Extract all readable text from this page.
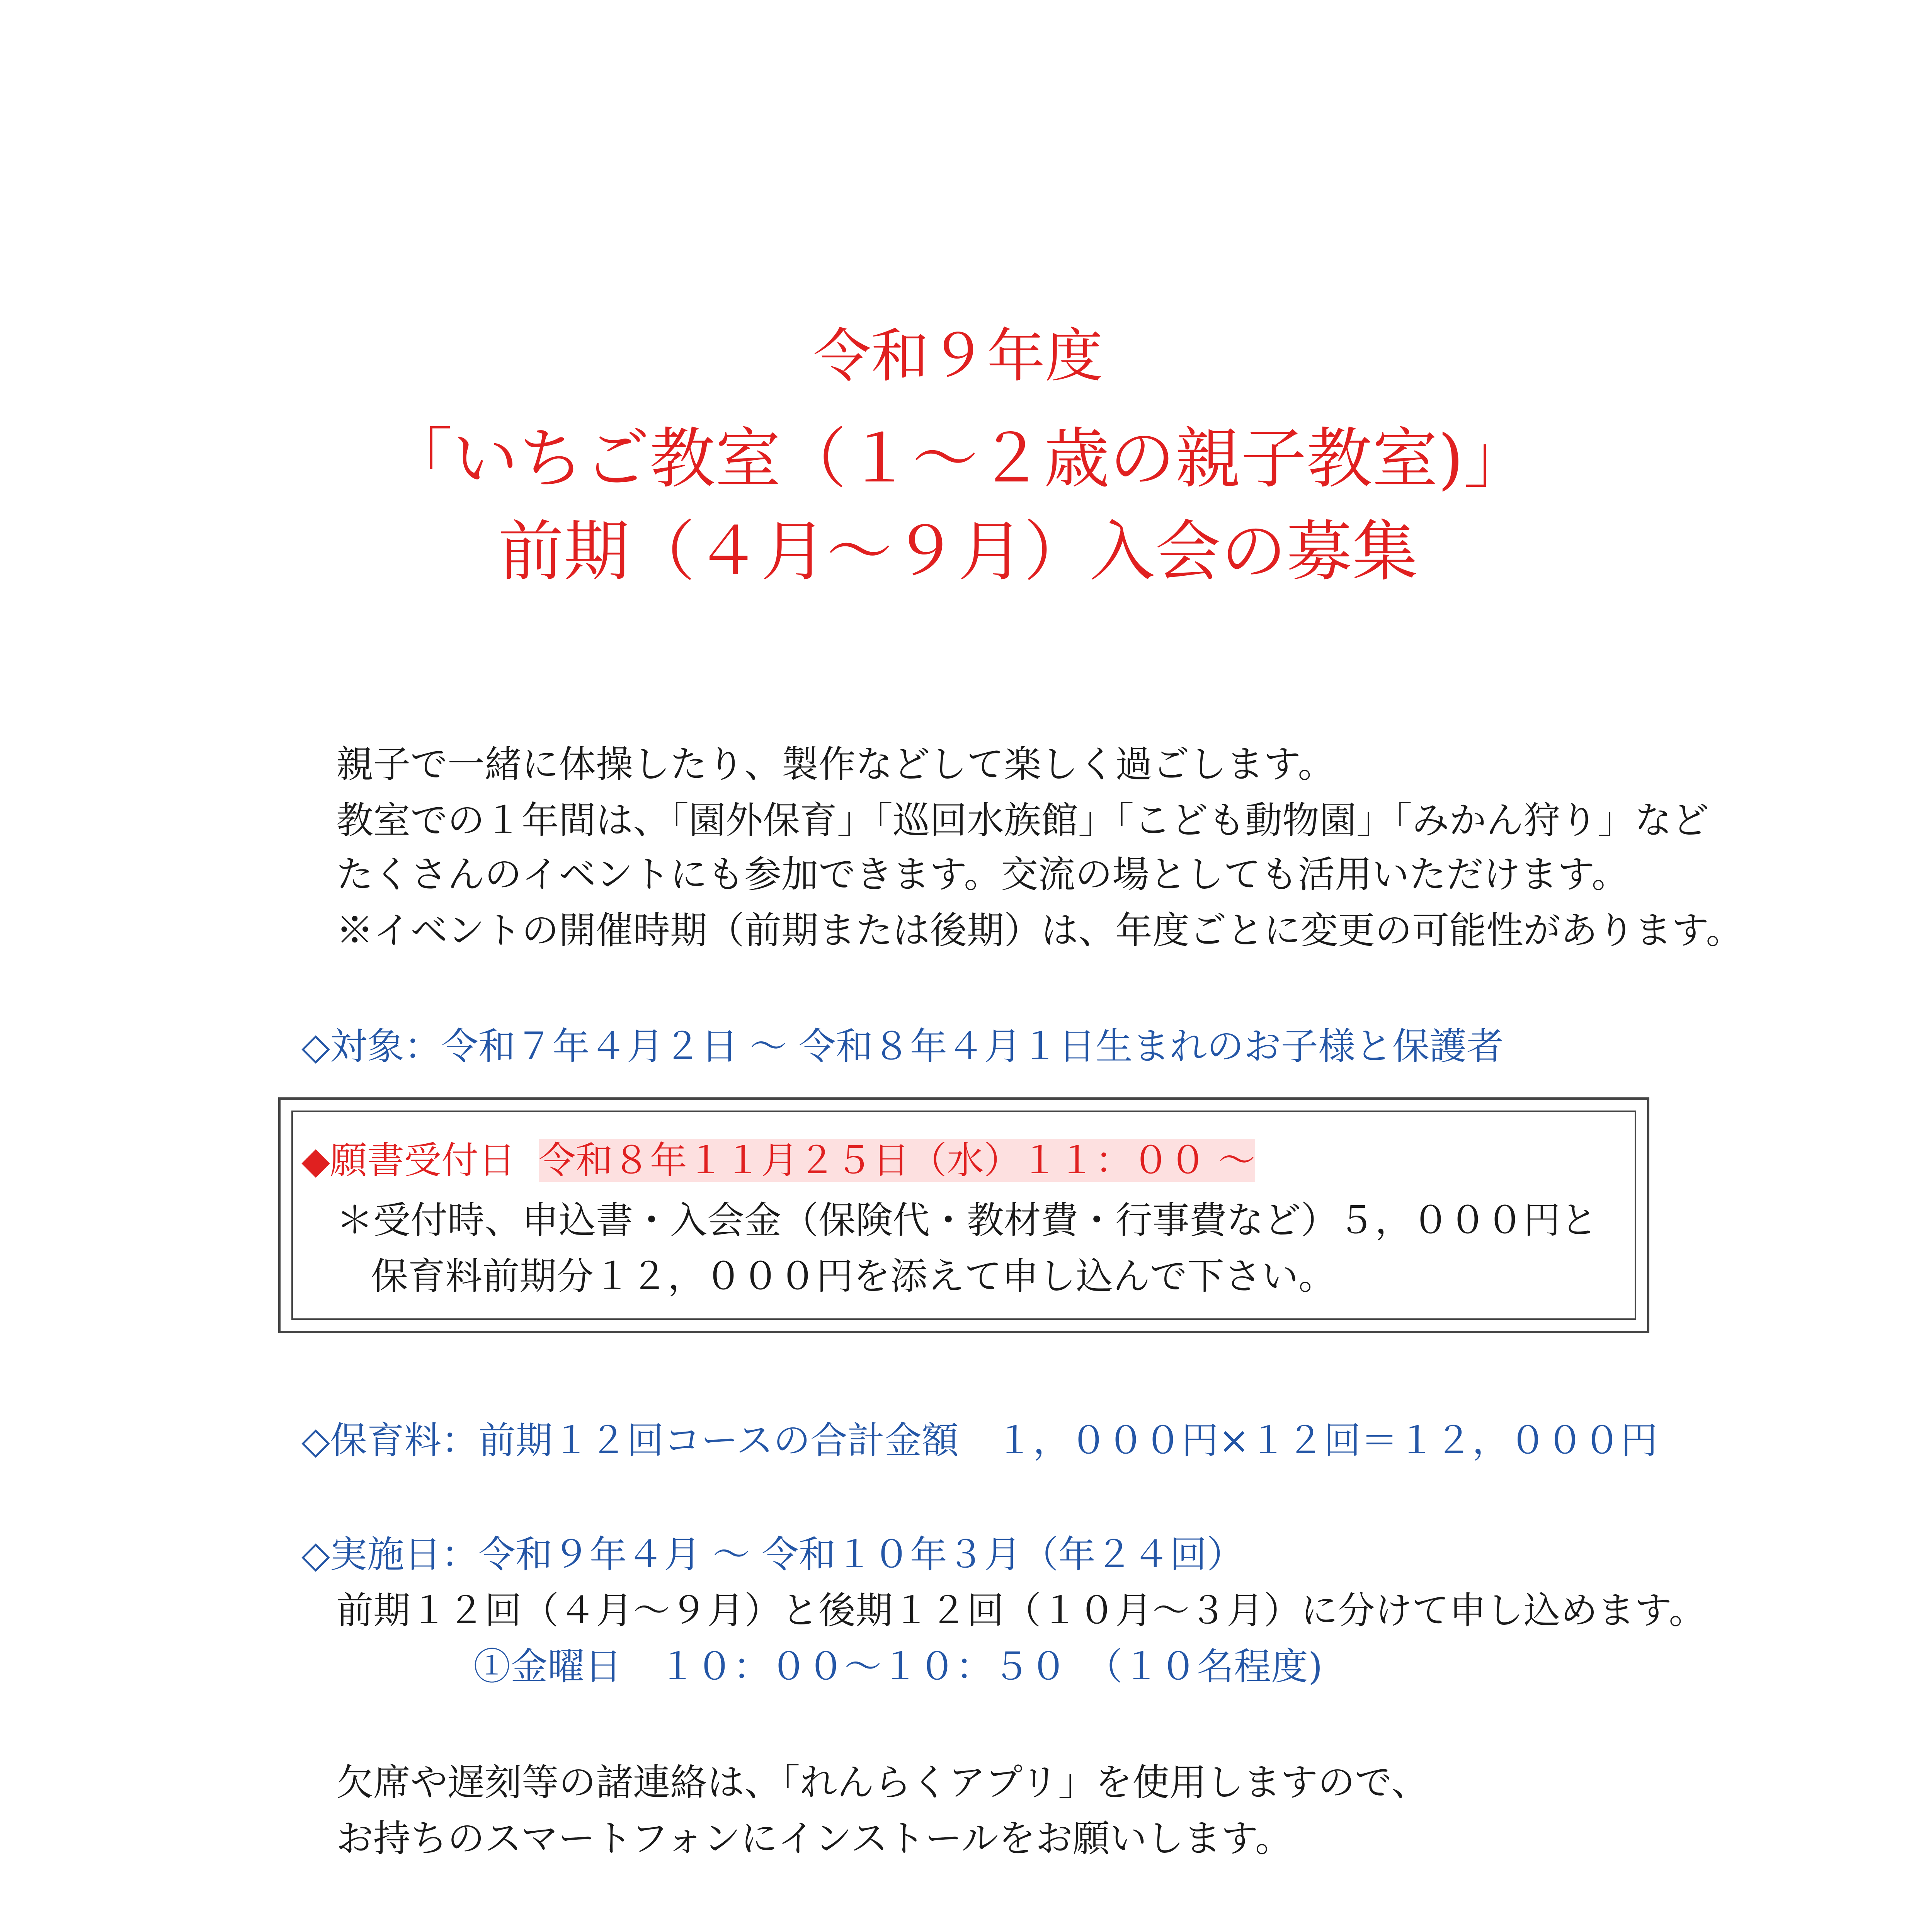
令和９年度
「いちご教室（１～２歳の親子教室)」
前期（４月～９月）入会の募集
親子で一緒に体操したり、製作などして楽しく過ごします。
教室での１年間は、「園外保育」「巡回水族館」「こども動物園」「みかん狩り」など
たくさんのイベントにも参加できます。交流の場としても活用いただけます。
※イベントの開催時期（前期または後期）は、年度ごとに変更の可能性があります。
◇対象：令和７年４月２日 ～ 令和８年４月１日生まれのお子様と保護者
◆願書受付日 令和８年１１月２５日（水）１１：００ ～
＊受付時、申込書・入会金（保険代・教材費・行事費など）５，０００円と
保育料前期分１２，０００円を添えて申し込んで下さい。
◇保育料：前期１２回コースの合計金額　１，０００円×１２回＝１２，０００円
◇実施日：令和９年４月 ～ 令和１０年３月（年２４回）
前期１２回（４月～９月）と後期１２回（１０月～３月）に分けて申し込めます。
①金曜日　１０：００～１０：５０　（１０名程度)
欠席や遅刻等の諸連絡は、「れんらくアプリ」を使用しますので、
お持ちのスマートフォンにインストールをお願いします。
